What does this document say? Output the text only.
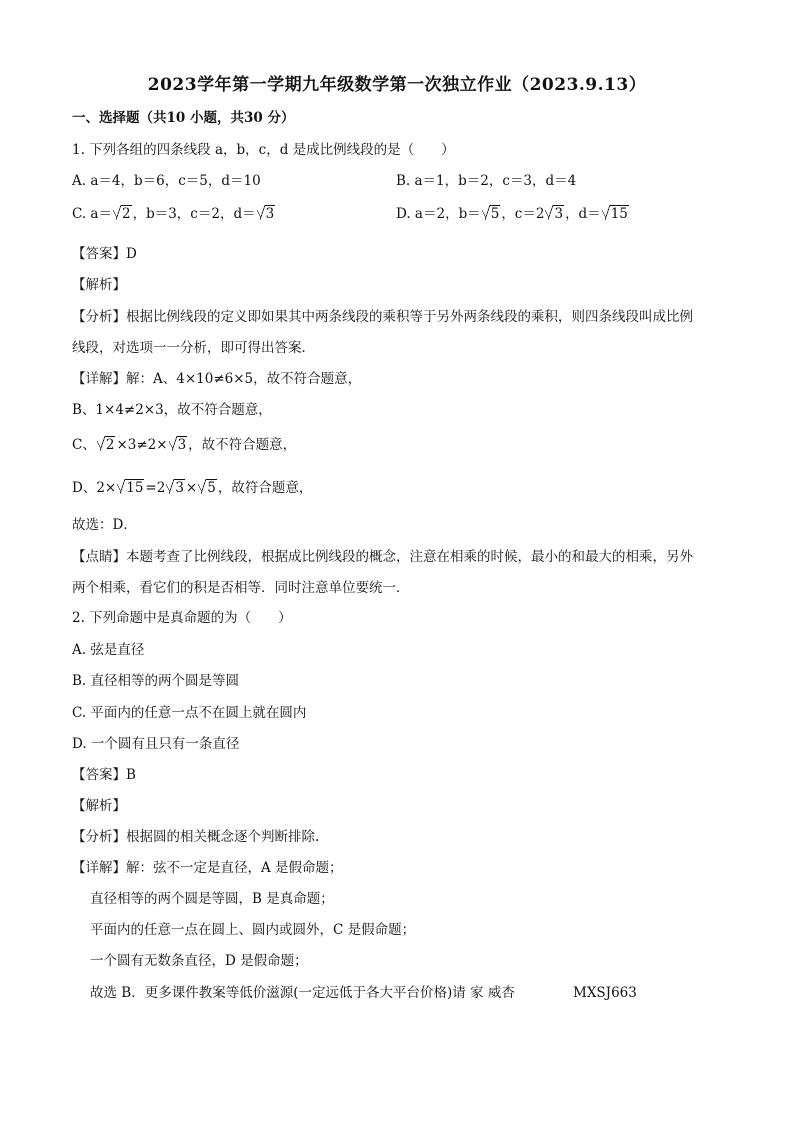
2023学年第一学期九年级数学第一次独立作业（2023.9.13）
一、选择题（共10 小题，共30 分）
1. 下列各组的四条线段 a，b，c，d 是成比例线段的是（　　）
A. a＝4，b＝6，c＝5，d＝10	B. a＝1，b＝2，c＝3，d＝4
C. a＝ 2 ，b＝3，c＝2，d＝ 3	D. a＝2，b＝ 5 ，c＝2 3 ，d＝ 15
【答案】D
【解析】
【分析】根据比例线段的定义即如果其中两条线段的乘积等于另外两条线段的乘积，则四条线段叫成比例
线段，对选项一一分析，即可得出答案．
【详解】解：A、4×10≠6×5，故不符合题意，
B、1×4≠2×3，故不符合题意，
C、 2 ×3≠2× 3 ，故不符合题意，
D、2× 15 =2 3 × 5 ，故符合题意，
故选：D．
【点睛】本题考查了比例线段，根据成比例线段的概念，注意在相乘的时候，最小的和最大的相乘，另外
两个相乘，看它们的积是否相等．同时注意单位要统一．
2. 下列命题中是真命题的为（　　）
A. 弦是直径
B. 直径相等的两个圆是等圆
C. 平面内的任意一点不在圆上就在圆内
D. 一个圆有且只有一条直径
【答案】B
【解析】
【分析】根据圆的相关概念逐个判断排除.
【详解】解：弦不一定是直径，A 是假命题；
直径相等的两个圆是等圆，B 是真命题；
平面内的任意一点在圆上、圆内或圆外，C 是假命题；
一个圆有无数条直径，D 是假命题；
故选 B．更多课件教案等低价滋源(一定远低于各大平台价格)请 家 威杏	MXSJ663
